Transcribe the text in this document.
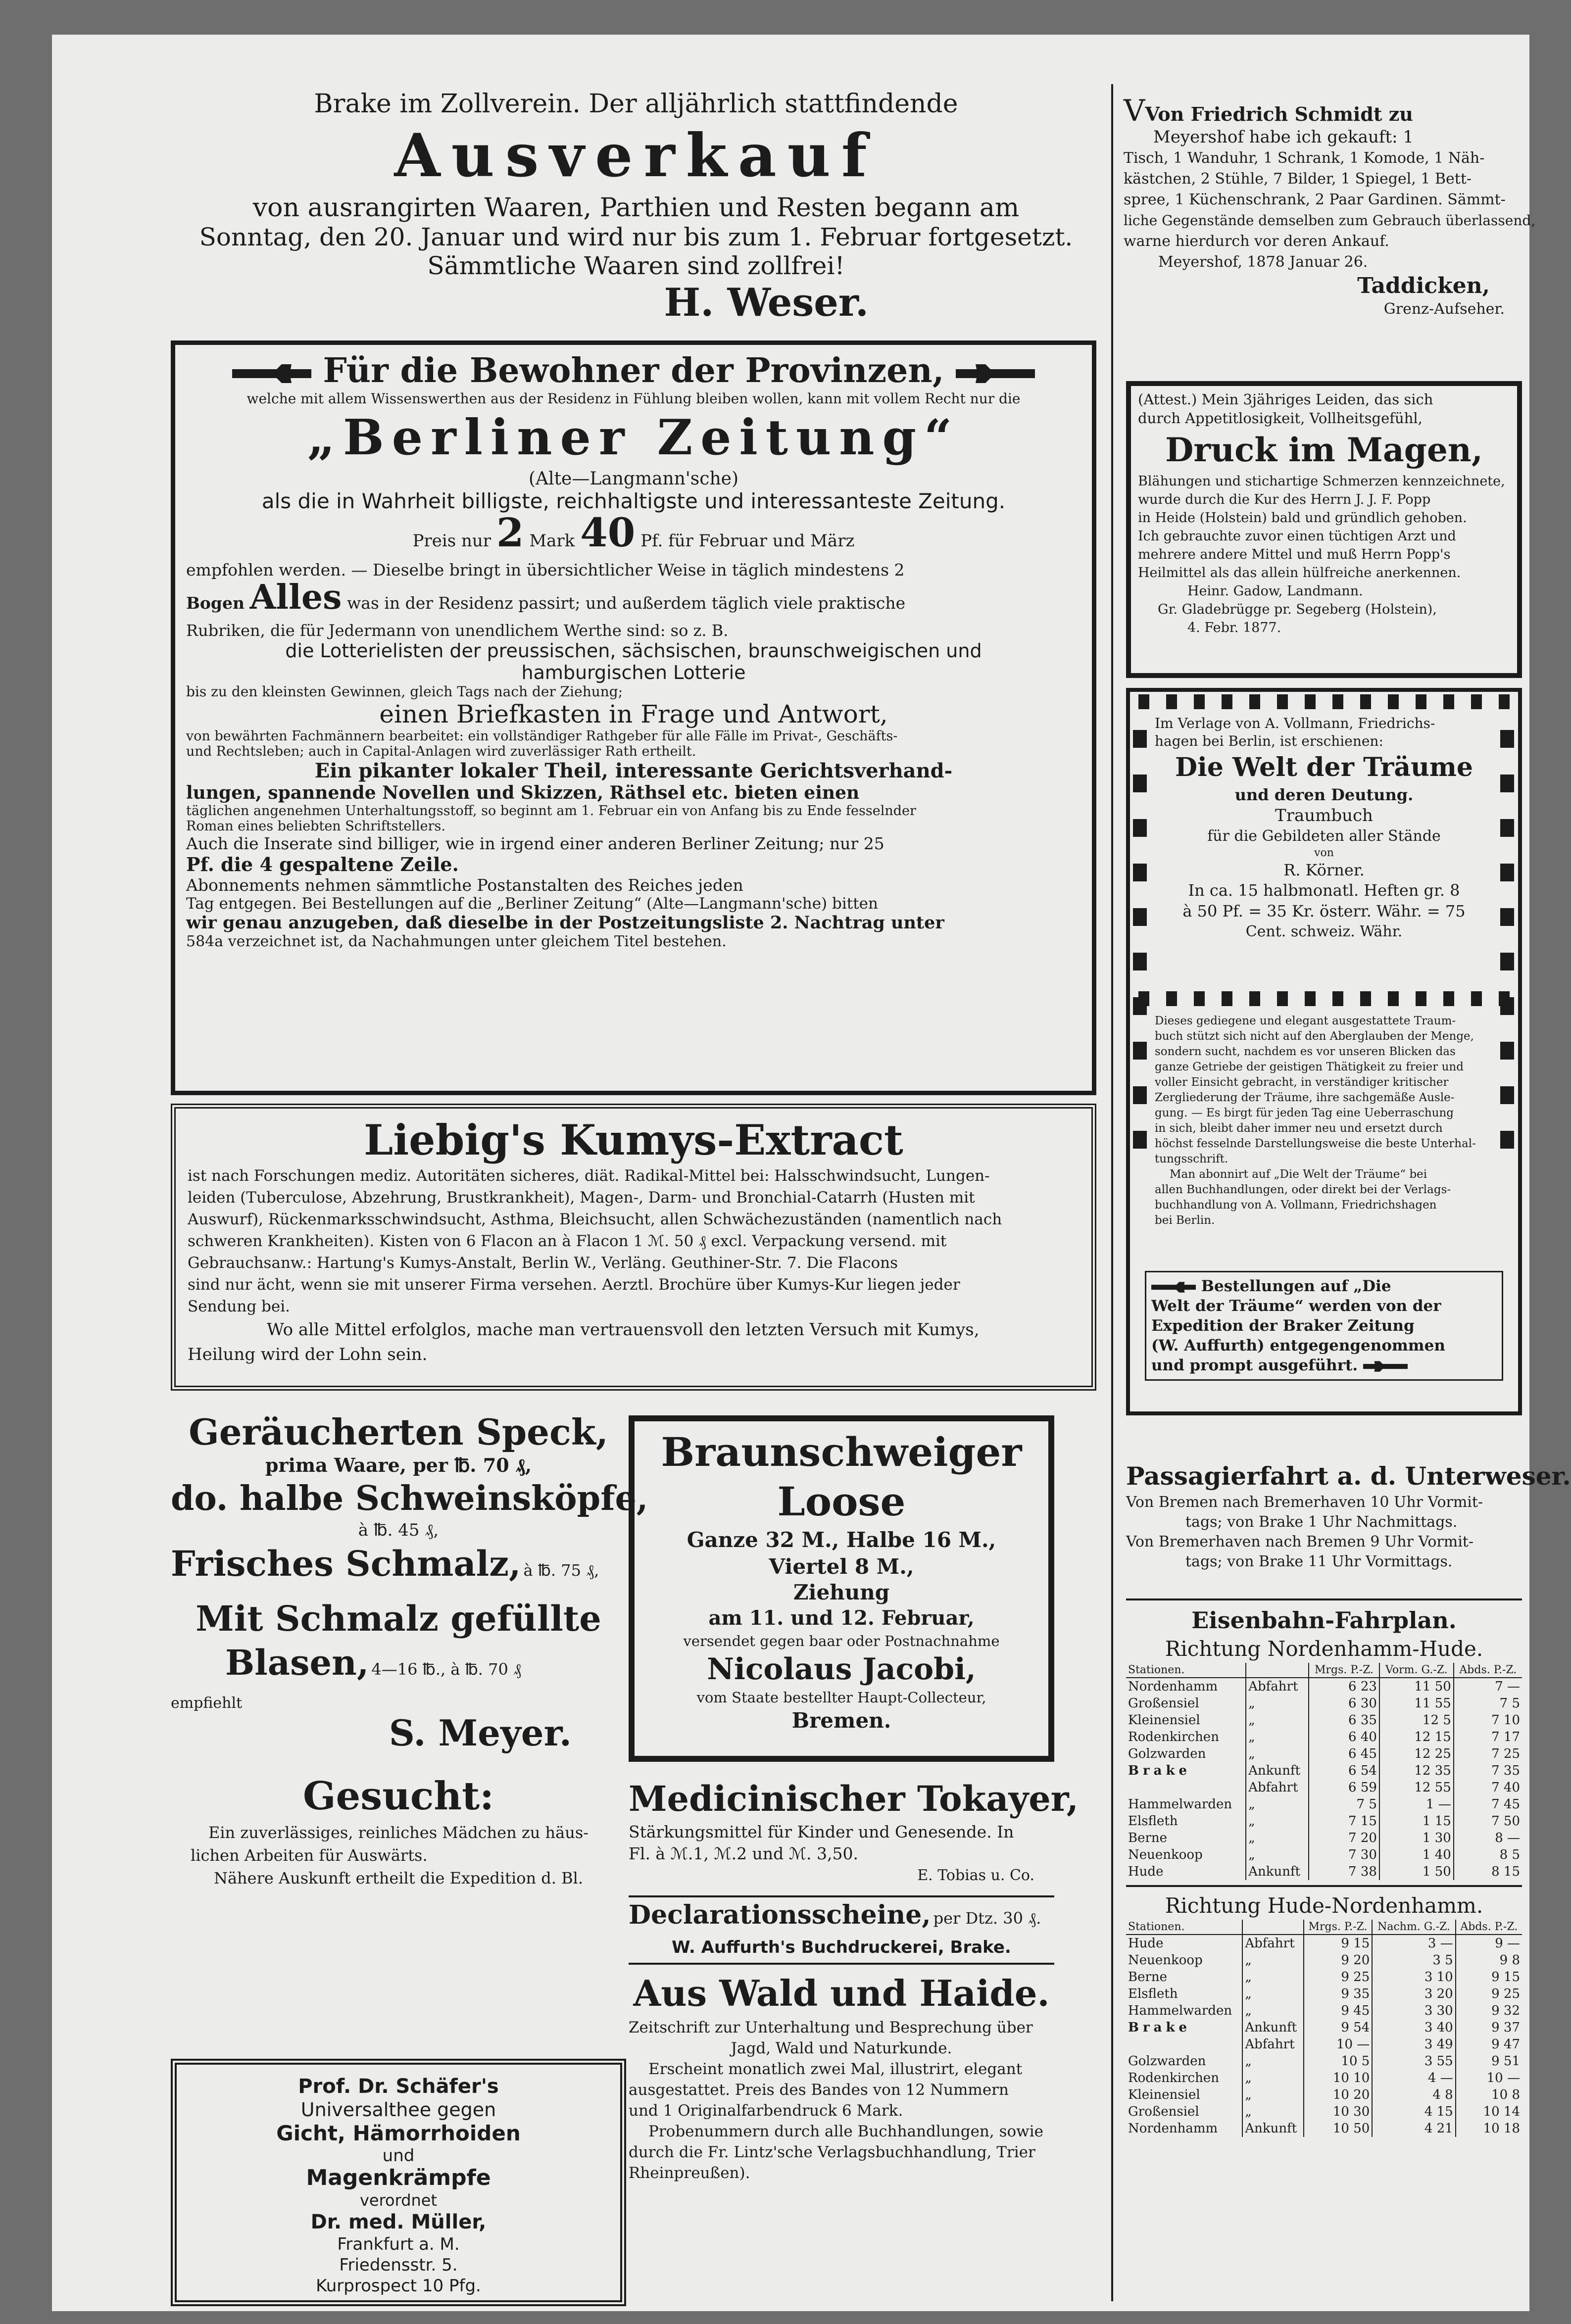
Brake im Zollverein. Der alljährlich stattfindende
Ausverkauf
von ausrangirten Waaren, Parthien und Resten begann am
Sonntag, den 20. Januar und wird nur bis zum 1. Februar fortgesetzt.
Sämmtliche Waaren sind zollfrei!
H. Weser.
Für die Bewohner der Provinzen,
welche mit allem Wissenswerthen aus der Residenz in Fühlung bleiben wollen, kann mit vollem Recht nur die
„Berliner Zeitung“
(Alte—Langmann'sche)
als die in Wahrheit billigste, reichhaltigste und interessanteste Zeitung.
Preis nur 2 Mark 40 Pf. für Februar und März
empfohlen werden. — Dieselbe bringt in übersichtlicher Weise in täglich mindestens 2
Bogen Alles was in der Residenz passirt; und außerdem täglich viele praktische
Rubriken, die für Jedermann von unendlichem Werthe sind: so z. B.
die Lotterielisten der preussischen, sächsischen, braunschweigischen und
hamburgischen Lotterie
bis zu den kleinsten Gewinnen, gleich Tags nach der Ziehung;
einen Briefkasten in Frage und Antwort,
von bewährten Fachmännern bearbeitet: ein vollständiger Rathgeber für alle Fälle im Privat-, Geschäfts-
und Rechtsleben; auch in Capital-Anlagen wird zuverlässiger Rath ertheilt.
Ein pikanter lokaler Theil, interessante Gerichtsverhand-
lungen, spannende Novellen und Skizzen, Räthsel etc. bieten einen
täglichen angenehmen Unterhaltungsstoff, so beginnt am 1. Februar ein von Anfang bis zu Ende fesselnder
Roman eines beliebten Schriftstellers.
Auch die Inserate sind billiger, wie in irgend einer anderen Berliner Zeitung; nur 25
Pf. die 4 gespaltene Zeile.
Abonnements nehmen sämmtliche Postanstalten des Reiches jeden
Tag entgegen. Bei Bestellungen auf die „Berliner Zeitung“ (Alte—Langmann'sche) bitten
wir genau anzugeben, daß dieselbe in der Postzeitungsliste 2. Nachtrag unter
584a verzeichnet ist, da Nachahmungen unter gleichem Titel bestehen.
Liebig's Kumys-Extract
ist nach Forschungen mediz. Autoritäten sicheres, diät. Radikal-Mittel bei: Halsschwindsucht, Lungen-
leiden (Tuberculose, Abzehrung, Brustkrankheit), Magen-, Darm- und Bronchial-Catarrh (Husten mit
Auswurf), Rückenmarksschwindsucht, Asthma, Bleichsucht, allen Schwächezuständen (namentlich nach
schweren Krankheiten). Kisten von 6 Flacon an à Flacon 1 ℳ. 50 ₰ excl. Verpackung versend. mit
Gebrauchsanw.: Hartung's Kumys-Anstalt, Berlin W., Verläng. Geuthiner-Str. 7. Die Flacons
sind nur ächt, wenn sie mit unserer Firma versehen. Aerztl. Brochüre über Kumys-Kur liegen jeder
Sendung bei.
Wo alle Mittel erfolglos, mache man vertrauensvoll den letzten Versuch mit Kumys,
Heilung wird der Lohn sein.
Geräucherten Speck,
prima Waare, per ℔. 70 ₰,
do. halbe Schweinsköpfe,
à ℔. 45 ₰,
Frisches Schmalz, à ℔. 75 ₰,
Mit Schmalz gefüllte
Blasen, 4—16 ℔., à ℔. 70 ₰
empfiehlt
S. Meyer.
Gesucht:
Ein zuverlässiges, reinliches Mädchen zu häus-
lichen Arbeiten für Auswärts.
Nähere Auskunft ertheilt die Expedition d. Bl.
Prof. Dr. Schäfer's
Universalthee gegen
Gicht, Hämorrhoiden
und
Magenkrämpfe
verordnet
Dr. med. Müller,
Frankfurt a. M.
Friedensstr. 5.
Kurprospect 10 Pfg.
Braunschweiger
Loose
Ganze 32 M., Halbe 16 M.,
Viertel 8 M.,
Ziehung
am 11. und 12. Februar,
versendet gegen baar oder Postnachnahme
Nicolaus Jacobi,
vom Staate bestellter Haupt-Collecteur,
Bremen.
Medicinischer Tokayer,
Stärkungsmittel für Kinder und Genesende. In
Fl. à ℳ.1, ℳ.2 und ℳ. 3,50.
E. Tobias u. Co.
Declarationsscheine, per Dtz. 30 ₰.
W. Auffurth's Buchdruckerei, Brake.
Aus Wald und Haide.
Zeitschrift zur Unterhaltung und Besprechung über
Jagd, Wald und Naturkunde.
Erscheint monatlich zwei Mal, illustrirt, elegant
ausgestattet. Preis des Bandes von 12 Nummern
und 1 Originalfarbendruck 6 Mark.
Probenummern durch alle Buchhandlungen, sowie
durch die Fr. Lintz'sche Verlagsbuchhandlung, Trier
Rheinpreußen).
VVon Friedrich Schmidt zu
Meyershof habe ich gekauft: 1
Tisch, 1 Wanduhr, 1 Schrank, 1 Komode, 1 Näh-
kästchen, 2 Stühle, 7 Bilder, 1 Spiegel, 1 Bett-
spree, 1 Küchenschrank, 2 Paar Gardinen. Sämmt-
liche Gegenstände demselben zum Gebrauch überlassend,
warne hierdurch vor deren Ankauf.
Meyershof, 1878 Januar 26.
Taddicken,
Grenz-Aufseher.
(Attest.) Mein 3jähriges Leiden, das sich
durch Appetitlosigkeit, Vollheitsgefühl,
Druck im Magen,
Blähungen und stichartige Schmerzen kennzeichnete,
wurde durch die Kur des Herrn J. J. F. Popp
in Heide (Holstein) bald und gründlich gehoben.
Ich gebrauchte zuvor einen tüchtigen Arzt und
mehrere andere Mittel und muß Herrn Popp's
Heilmittel als das allein hülfreiche anerkennen.
Heinr. Gadow, Landmann.
Gr. Gladebrügge pr. Segeberg (Holstein),
4. Febr. 1877.
Im Verlage von A. Vollmann, Friedrichs-
hagen bei Berlin, ist erschienen:
Die Welt der Träume
und deren Deutung.
Traumbuch
für die Gebildeten aller Stände
von
R. Körner.
In ca. 15 halbmonatl. Heften gr. 8
à 50 Pf. = 35 Kr. österr. Währ. = 75
Cent. schweiz. Währ.
Dieses gediegene und elegant ausgestattete Traum-
buch stützt sich nicht auf den Aberglauben der Menge,
sondern sucht, nachdem es vor unseren Blicken das
ganze Getriebe der geistigen Thätigkeit zu freier und
voller Einsicht gebracht, in verständiger kritischer
Zergliederung der Träume, ihre sachgemäße Ausle-
gung. — Es birgt für jeden Tag eine Ueberraschung
in sich, bleibt daher immer neu und ersetzt durch
höchst fesselnde Darstellungsweise die beste Unterhal-
tungsschrift.
Man abonnirt auf „Die Welt der Träume“ bei
allen Buchhandlungen, oder direkt bei der Verlags-
buchhandlung von A. Vollmann, Friedrichshagen
bei Berlin.
Bestellungen auf „Die
Welt der Träume“ werden von der
Expedition der Braker Zeitung
(W. Auffurth) entgegengenommen
und prompt ausgeführt.
Passagierfahrt a. d. Unterweser.
Von Bremen nach Bremerhaven 10 Uhr Vormit-
tags; von Brake 1 Uhr Nachmittags.
Von Bremerhaven nach Bremen 9 Uhr Vormit-
tags; von Brake 11 Uhr Vormittags.
Eisenbahn-Fahrplan.
Richtung Nordenhamm-Hude.
Stationen.		Mrgs. P.-Z.	Vorm. G.-Z.	Abds. P.-Z.
Nordenhamm	Abfahrt	6 23	11 50	7 —
Großensiel	„	6 30	11 55	7 5
Kleinensiel	„	6 35	12 5	7 10
Rodenkirchen	„	6 40	12 15	7 17
Golzwarden	„	6 45	12 25	7 25
Brake	Ankunft	6 54	12 35	7 35
	Abfahrt	6 59	12 55	7 40
Hammelwarden	„	7 5	1 —	7 45
Elsfleth	„	7 15	1 15	7 50
Berne	„	7 20	1 30	8 —
Neuenkoop	„	7 30	1 40	8 5
Hude	Ankunft	7 38	1 50	8 15
Richtung Hude-Nordenhamm.
Stationen.		Mrgs. P.-Z.	Nachm. G.-Z.	Abds. P.-Z.
Hude	Abfahrt	9 15	3 —	9 —
Neuenkoop	„	9 20	3 5	9 8
Berne	„	9 25	3 10	9 15
Elsfleth	„	9 35	3 20	9 25
Hammelwarden	„	9 45	3 30	9 32
Brake	Ankunft	9 54	3 40	9 37
	Abfahrt	10 —	3 49	9 47
Golzwarden	„	10 5	3 55	9 51
Rodenkirchen	„	10 10	4 —	10 —
Kleinensiel	„	10 20	4 8	10 8
Großensiel	„	10 30	4 15	10 14
Nordenhamm	Ankunft	10 50	4 21	10 18
